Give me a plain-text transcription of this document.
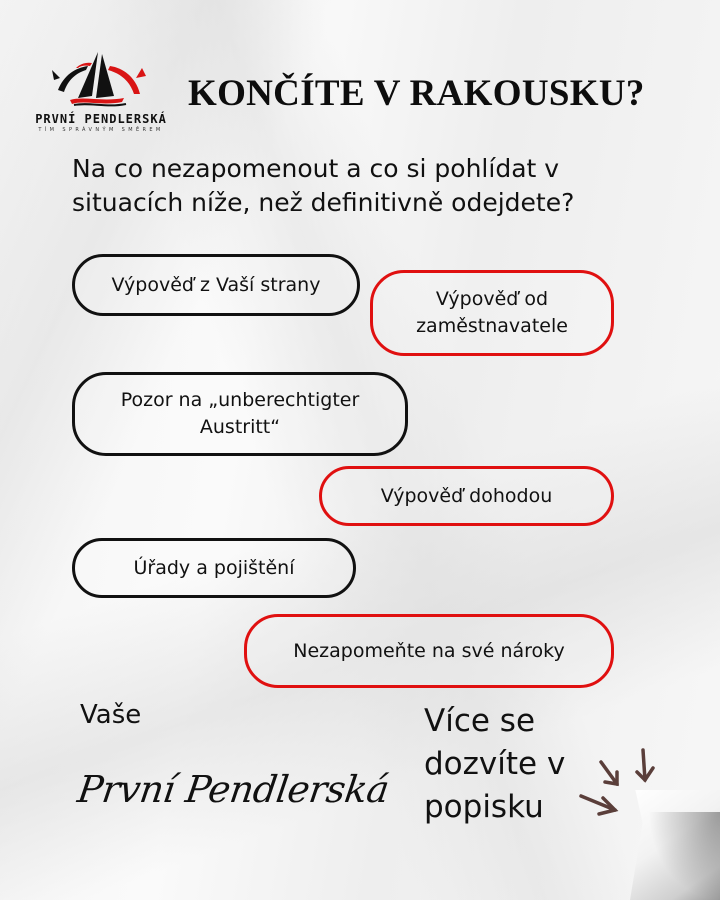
PRVNÍ PENDLERSKÁ
TÍM SPRÁVNÝM SMĚREM
KONČÍTE V RAKOUSKU?

Na co nezapomenout a co si pohlídat v situacích níže, než definitivně odejdete?

Výpověď z Vaší strany
Výpověď od zaměstnavatele
Pozor na „unberechtigter Austritt“
Výpověď dohodou
Úřady a pojištění
Nezapomeňte na své nároky
Vaše
První Pendlerská
Více se dozvíte v popisku
